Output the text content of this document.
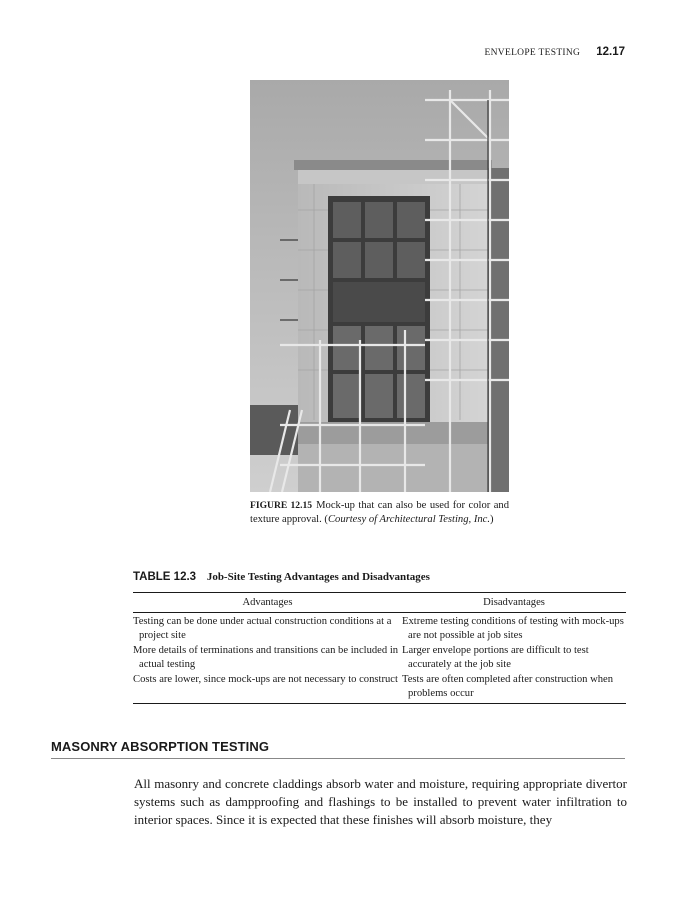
ENVELOPE TESTING 12.17
FIGURE 12.15 Mock-up that can also be used for color and texture approval. (Courtesy of Architectural Testing, Inc.)
TABLE 12.3 Job-Site Testing Advantages and Disadvantages
Advantages	Disadvantages

Testing can be done under actual construction conditions at a project site	Extreme testing conditions of testing with mock-ups are not possible at job sites

More details of terminations and transitions can be included in actual testing	Larger envelope portions are difficult to test accurately at the job site

Costs are lower, since mock-ups are not necessary to construct	Tests are often completed after construction when problems occur
MASONRY ABSORPTION TESTING

All masonry and concrete claddings absorb water and moisture, requiring appropriate divertor systems such as dampproofing and flashings to be installed to prevent water infiltration to interior spaces. Since it is expected that these finishes will absorb moisture, they
